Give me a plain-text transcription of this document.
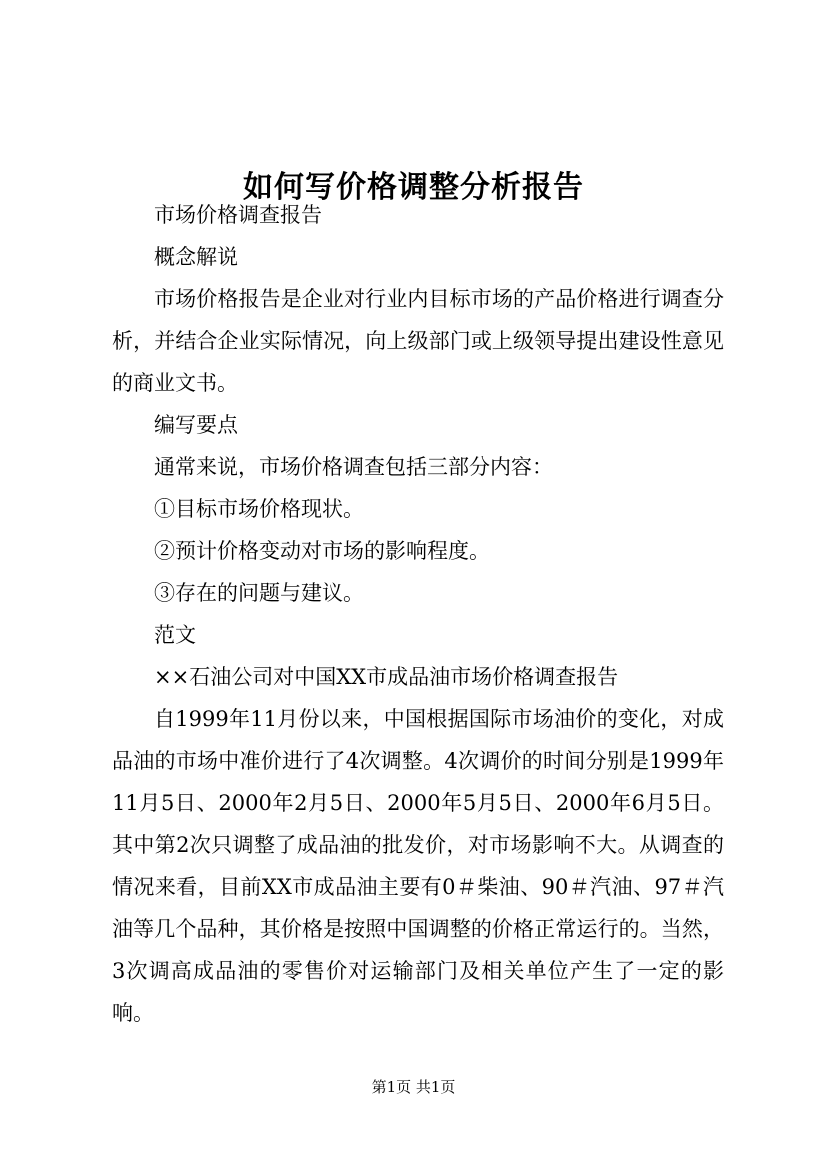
如何写价格调整分析报告

市场价格调查报告

概念解说

市场价格报告是企业对行业内目标市场的产品价格进行调查分析，并结合企业实际情况，向上级部门或上级领导提出建设性意见的商业文书。

编写要点

通常来说，市场价格调查包括三部分内容：

①目标市场价格现状。

②预计价格变动对市场的影响程度。

③存在的问题与建议。

范文

××石油公司对中国XX市成品油市场价格调查报告

自1999年11月份以来，中国根据国际市场油价的变化，对成品油的市场中准价进行了4次调整。4次调价的时间分别是1999年11月5日、2000年2月5日、2000年5月5日、2000年6月5日。其中第2次只调整了成品油的批发价，对市场影响不大。从调查的情况来看，目前XX市成品油主要有0＃柴油、90＃汽油、97＃汽油等几个品种，其价格是按照中国调整的价格正常运行的。当然，3次调高成品油的零售价对运输部门及相关单位产生了一定的影响。

第1页 共1页
